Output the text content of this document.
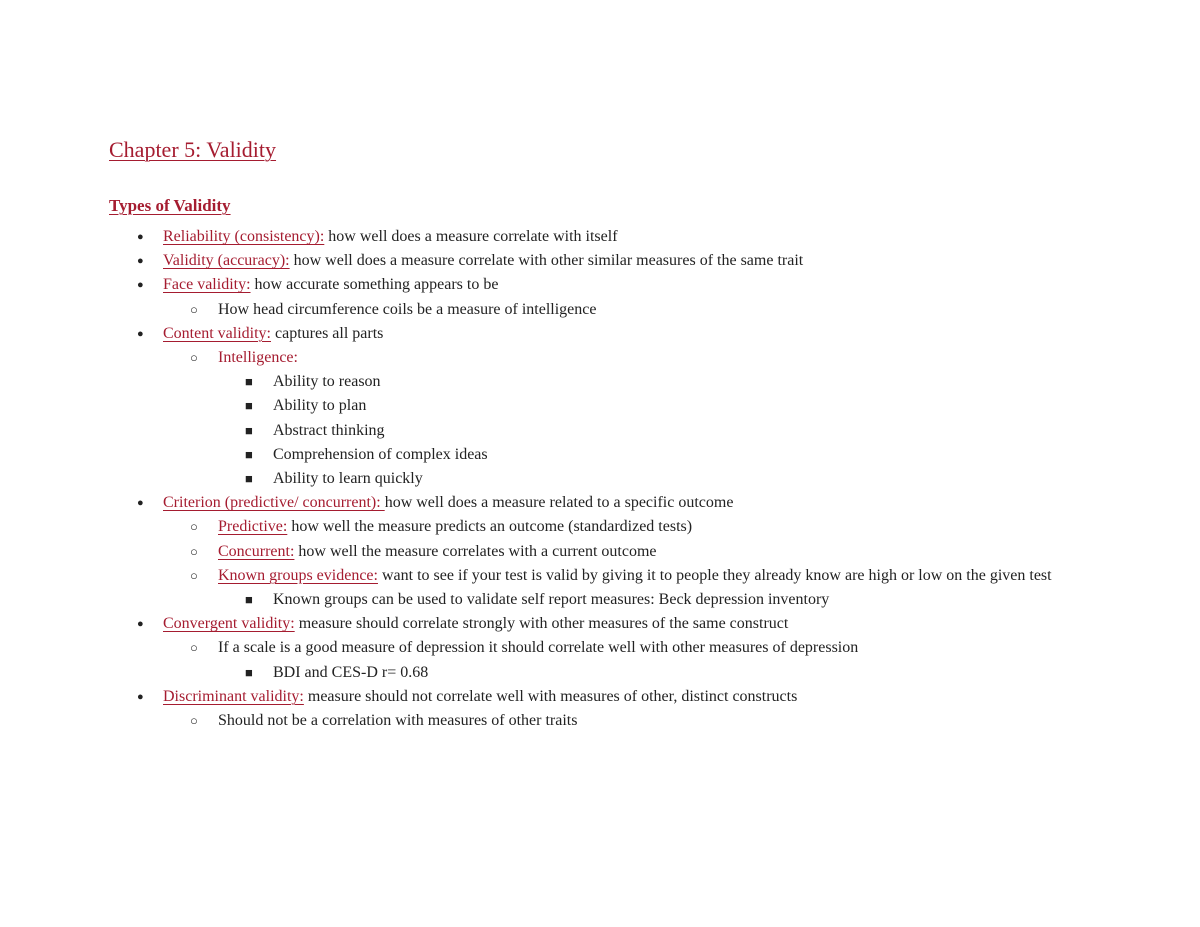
Chapter 5: Validity
Types of Validity
● Reliability (consistency): how well does a measure correlate with itself
● Validity (accuracy): how well does a measure correlate with other similar measures of the same trait
● Face validity: how accurate something appears to be
○ How head circumference coils be a measure of intelligence
● Content validity: captures all parts
○ Intelligence:
■ Ability to reason
■ Ability to plan
■ Abstract thinking
■ Comprehension of complex ideas
■ Ability to learn quickly
● Criterion (predictive/ concurrent): how well does a measure related to a specific outcome
○ Predictive: how well the measure predicts an outcome (standardized tests)
○ Concurrent: how well the measure correlates with a current outcome
○ Known groups evidence: want to see if your test is valid by giving it to people they already know are high or low on the given test
■ Known groups can be used to validate self report measures: Beck depression inventory
● Convergent validity: measure should correlate strongly with other measures of the same construct
○ If a scale is a good measure of depression it should correlate well with other measures of depression
■ BDI and CES-D r= 0.68
● Discriminant validity: measure should not correlate well with measures of other, distinct constructs
○ Should not be a correlation with measures of other traits
